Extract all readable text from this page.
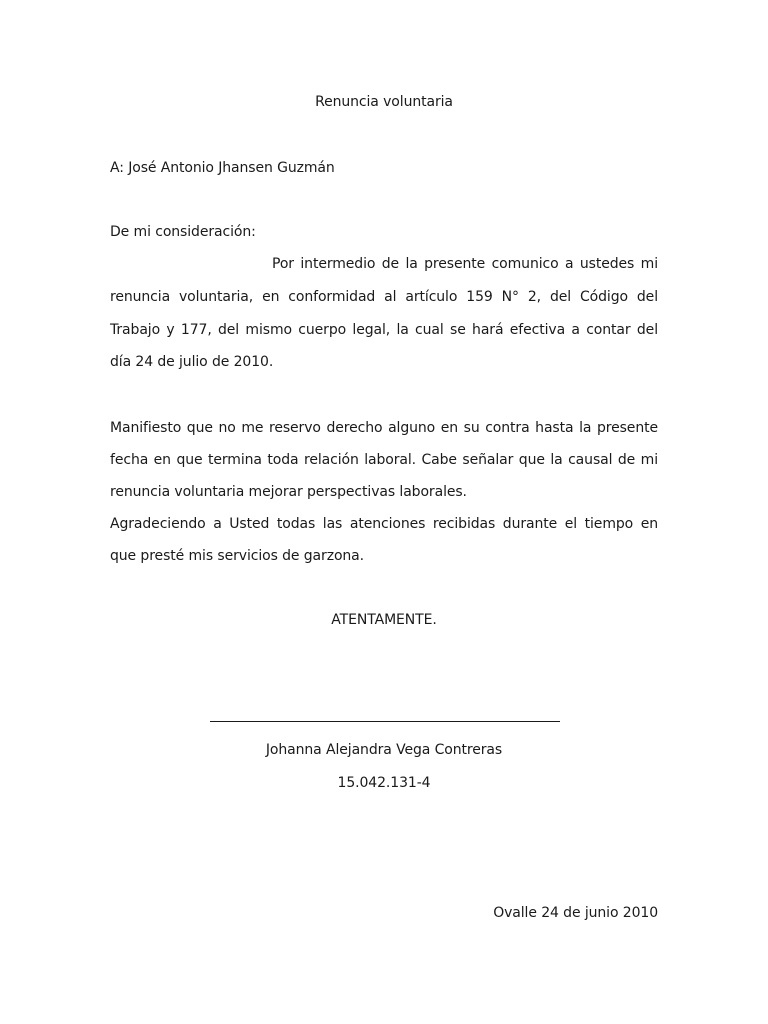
Renuncia voluntaria
A: José Antonio Jhansen Guzmán
De mi consideración:
Por intermedio de la presente comunico a ustedes mi
renuncia voluntaria, en conformidad al artículo 159 N° 2, del Código del
Trabajo y 177, del mismo cuerpo legal, la cual se hará efectiva a contar del
día 24 de julio de 2010.
Manifiesto que no me reservo derecho alguno en su contra hasta la presente
fecha en que termina toda relación laboral. Cabe señalar que la causal de mi
renuncia voluntaria mejorar perspectivas laborales.
Agradeciendo a Usted todas las atenciones recibidas durante el tiempo en
que presté mis servicios de garzona.
ATENTAMENTE.
Johanna Alejandra Vega Contreras
15.042.131-4
Ovalle 24 de junio 2010
